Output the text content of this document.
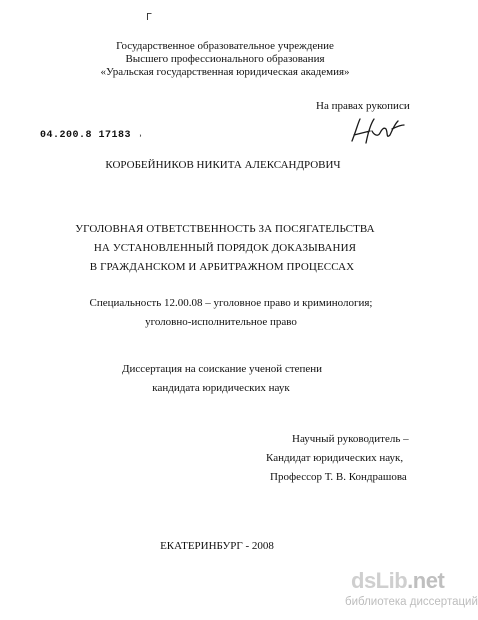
Г
Государственное образовательное учреждение
Высшего профессионального образования
«Уральская государственная юридическая академия»
На правах рукописи
04.200.8 17183 ˒
КОРОБЕЙНИКОВ НИКИТА АЛЕКСАНДРОВИЧ
УГОЛОВНАЯ ОТВЕТСТВЕННОСТЬ ЗА ПОСЯГАТЕЛЬСТВА
НА УСТАНОВЛЕННЫЙ ПОРЯДОК ДОКАЗЫВАНИЯ
В ГРАЖДАНСКОМ И АРБИТРАЖНОМ ПРОЦЕССАХ
Специальность 12.00.08 – уголовное право и криминология;
уголовно-исполнительное право
Диссертация на соискание ученой степени
кандидата юридических наук
Научный руководитель –
Кандидат юридических наук,
Профессор Т. В. Кондрашова
ЕКАТЕРИНБУРГ - 2008
dsLib.net
библиотека диссертаций
